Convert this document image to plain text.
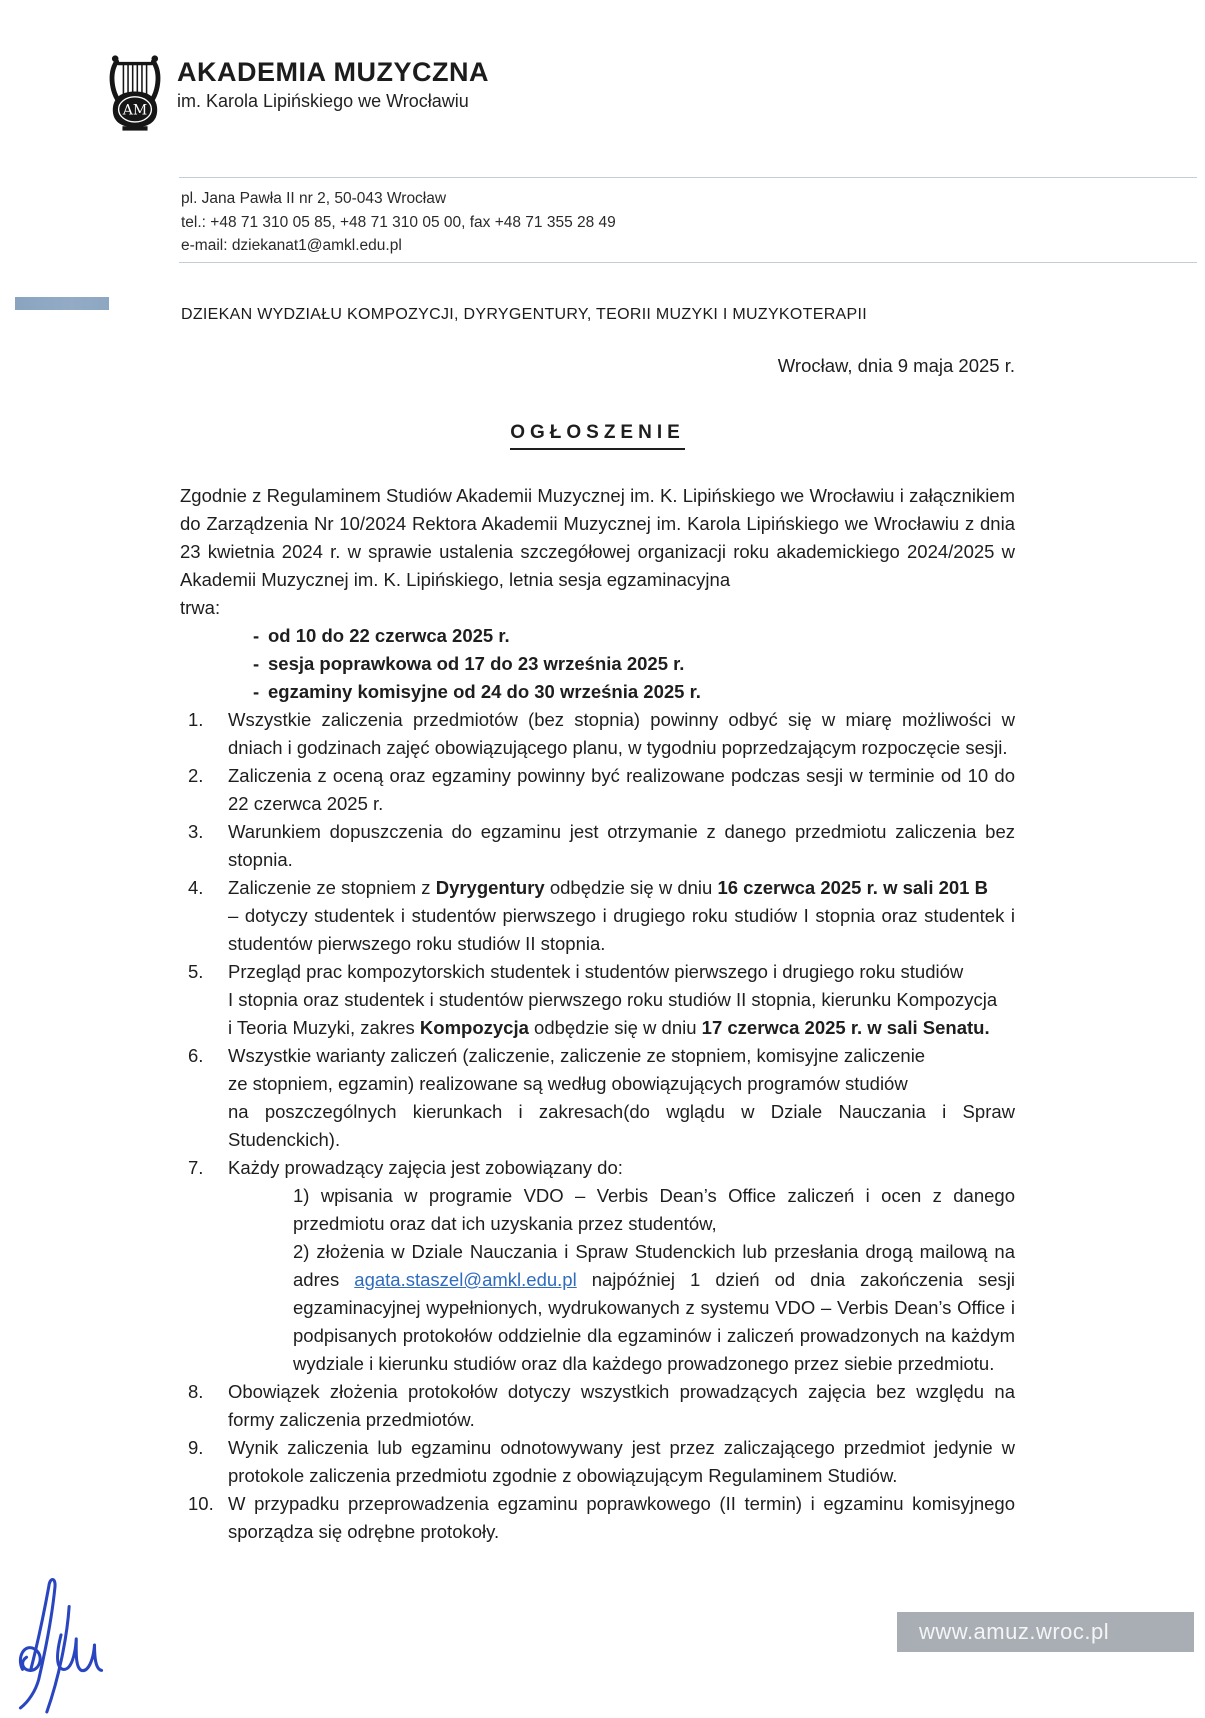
AM
AKADEMIA MUZYCZNA
im. Karola Lipińskiego we Wrocławiu
pl. Jana Pawła II nr 2, 50-043 Wrocław
tel.: +48 71 310 05 85, +48 71 310 05 00, fax +48 71 355 28 49
e-mail: dziekanat1@amkl.edu.pl
DZIEKAN WYDZIAŁU KOMPOZYCJI, DYRYGENTURY, TEORII MUZYKI I MUZYKOTERAPII
Wrocław, dnia 9 maja 2025 r.
OGŁOSZENIE
Zgodnie z Regulaminem Studiów Akademii Muzycznej im. K. Lipińskiego we Wrocławiu i załącznikiem do Zarządzenia Nr 10/2024 Rektora Akademii Muzycznej im. Karola Lipińskiego we Wrocławiu z dnia 23 kwietnia 2024 r. w sprawie ustalenia szczegółowej organizacji roku akademickiego 2024/2025 w Akademii Muzycznej im. K. Lipińskiego, letnia sesja egzaminacyjna
trwa:
- od 10 do 22 czerwca 2025 r.
- sesja poprawkowa od 17 do 23 września 2025 r.
- egzaminy komisyjne od 24 do 30 września 2025 r.
1. Wszystkie zaliczenia przedmiotów (bez stopnia) powinny odbyć się w miarę możliwości w dniach i godzinach zajęć obowiązującego planu, w tygodniu poprzedzającym rozpoczęcie sesji.
2. Zaliczenia z oceną oraz egzaminy powinny być realizowane podczas sesji w terminie od 10 do 22 czerwca 2025 r.
3. Warunkiem dopuszczenia do egzaminu jest otrzymanie z danego przedmiotu zaliczenia bez stopnia.
4. Zaliczenie ze stopniem z Dyrygentury odbędzie się w dniu 16 czerwca 2025 r. w sali 201 B
– dotyczy studentek i studentów pierwszego i drugiego roku studiów I stopnia oraz studentek i studentów pierwszego roku studiów II stopnia.
5. Przegląd prac kompozytorskich studentek i studentów pierwszego i drugiego roku studiów
I stopnia oraz studentek i studentów pierwszego roku studiów II stopnia, kierunku Kompozycja
i Teoria Muzyki, zakres Kompozycja odbędzie się w dniu 17 czerwca 2025 r. w sali Senatu.
6. Wszystkie warianty zaliczeń (zaliczenie, zaliczenie ze stopniem, komisyjne zaliczenie
ze stopniem, egzamin) realizowane są według obowiązujących programów studiów
na poszczególnych kierunkach i zakresach(do wglądu w Dziale Nauczania i Spraw Studenckich).
7. Każdy prowadzący zajęcia jest zobowiązany do:
1) wpisania w programie VDO – Verbis Dean’s Office zaliczeń i ocen z danego przedmiotu oraz dat ich uzyskania przez studentów,
2) złożenia w Dziale Nauczania i Spraw Studenckich lub przesłania drogą mailową na adres agata.staszel@amkl.edu.pl najpóźniej 1 dzień od dnia zakończenia sesji egzaminacyjnej wypełnionych, wydrukowanych z systemu VDO – Verbis Dean’s Office i podpisanych protokołów oddzielnie dla egzaminów i zaliczeń prowadzonych na każdym wydziale i kierunku studiów oraz dla każdego prowadzonego przez siebie przedmiotu.
8. Obowiązek złożenia protokołów dotyczy wszystkich prowadzących zajęcia bez względu na formy zaliczenia przedmiotów.
9. Wynik zaliczenia lub egzaminu odnotowywany jest przez zaliczającego przedmiot jedynie w protokole zaliczenia przedmiotu zgodnie z obowiązującym Regulaminem Studiów.
10. W przypadku przeprowadzenia egzaminu poprawkowego (II termin) i egzaminu komisyjnego sporządza się odrębne protokoły.
www.amuz.wroc.pl
